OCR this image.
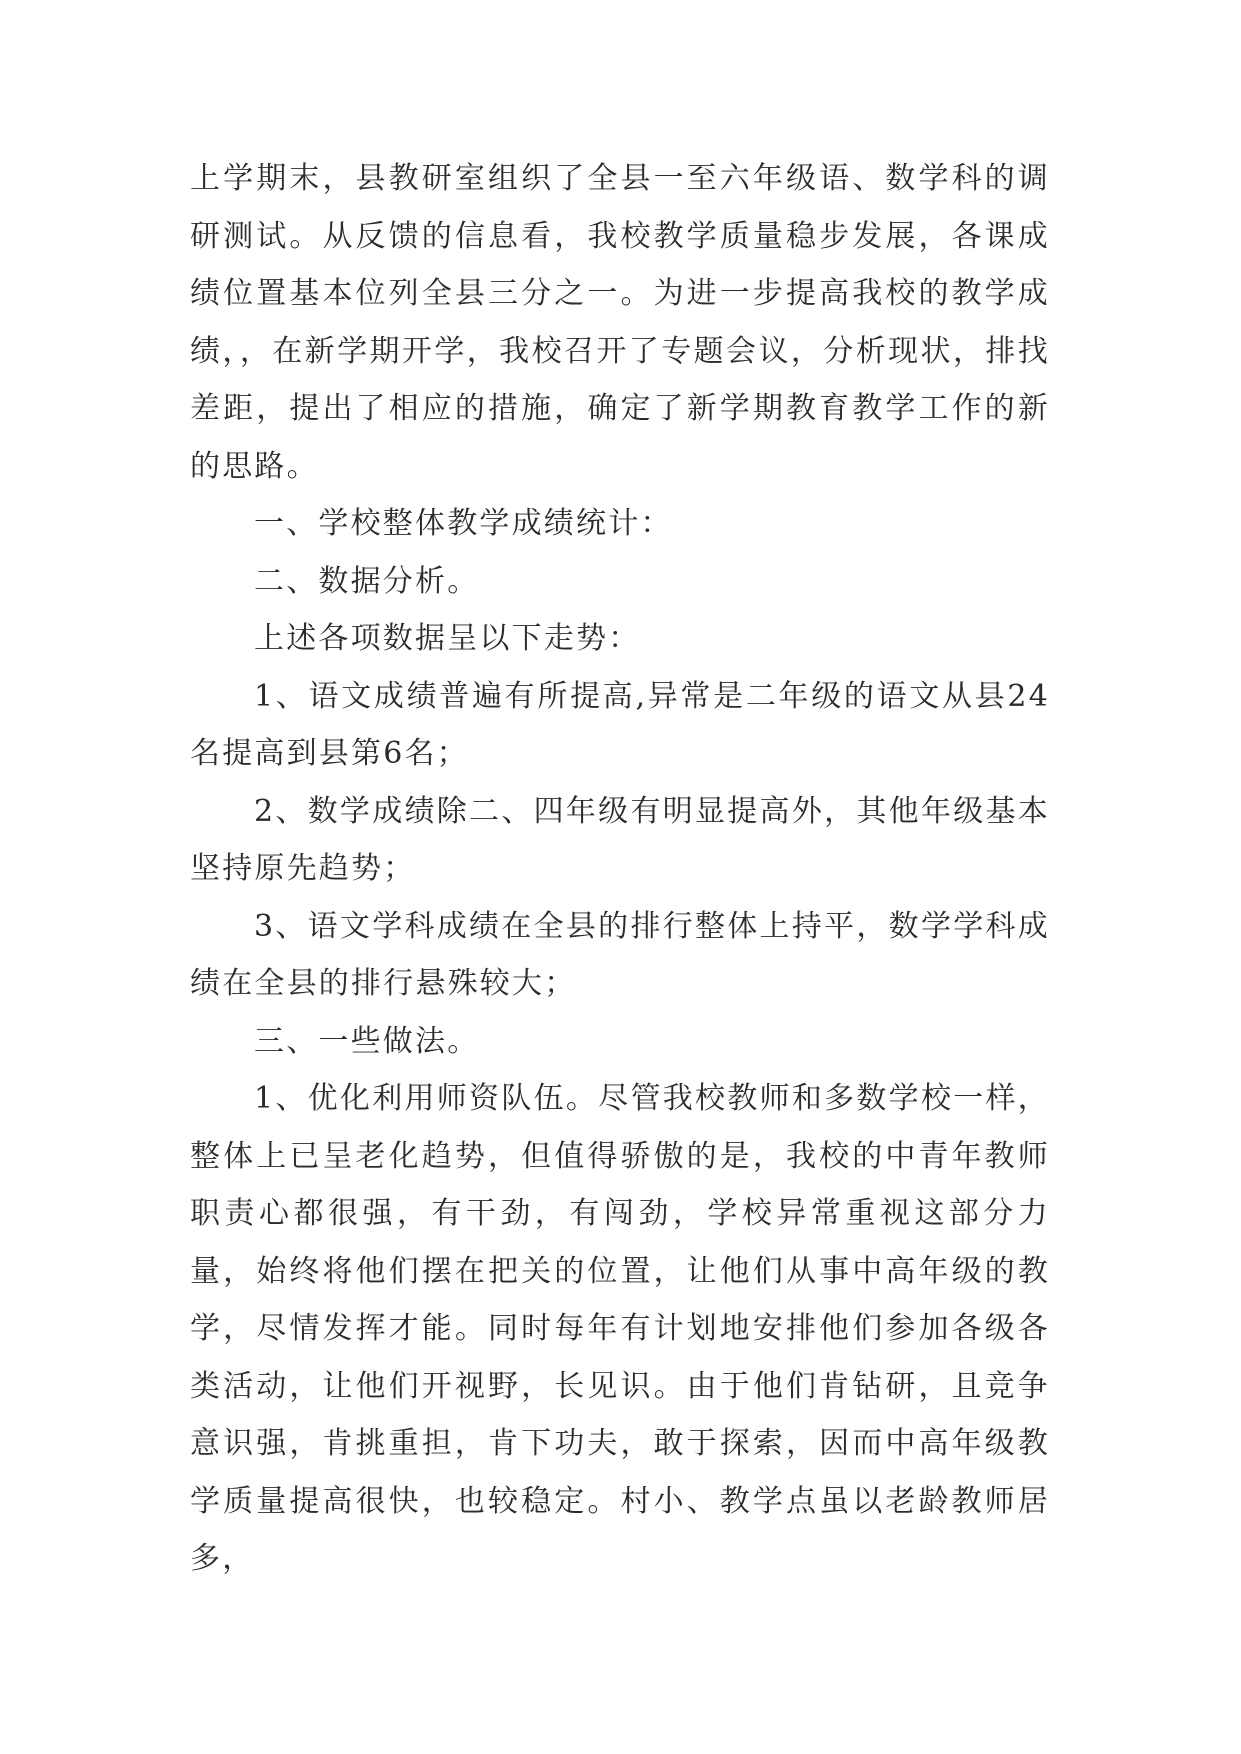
上学期末，县教研室组织了全县一至六年级语、数学科的调研测试。从反馈的信息看，我校教学质量稳步发展，各课成绩位置基本位列全县三分之一。为进一步提高我校的教学成绩，，在新学期开学，我校召开了专题会议，分析现状，排找差距，提出了相应的措施，确定了新学期教育教学工作的新的思路。

一、学校整体教学成绩统计：

二、数据分析。

上述各项数据呈以下走势：

1、语文成绩普遍有所提高,异常是二年级的语文从县24名提高到县第6名；

2、数学成绩除二、四年级有明显提高外，其他年级基本坚持原先趋势；

3、语文学科成绩在全县的排行整体上持平，数学学科成绩在全县的排行悬殊较大；

三、一些做法。

1、优化利用师资队伍。尽管我校教师和多数学校一样，整体上已呈老化趋势，但值得骄傲的是，我校的中青年教师职责心都很强，有干劲，有闯劲，学校异常重视这部分力量，始终将他们摆在把关的位置，让他们从事中高年级的教学，尽情发挥才能。同时每年有计划地安排他们参加各级各类活动，让他们开视野，长见识。由于他们肯钻研，且竞争意识强，肯挑重担，肯下功夫，敢于探索，因而中高年级教学质量提高很快，也较稳定。村小、教学点虽以老龄教师居多，
